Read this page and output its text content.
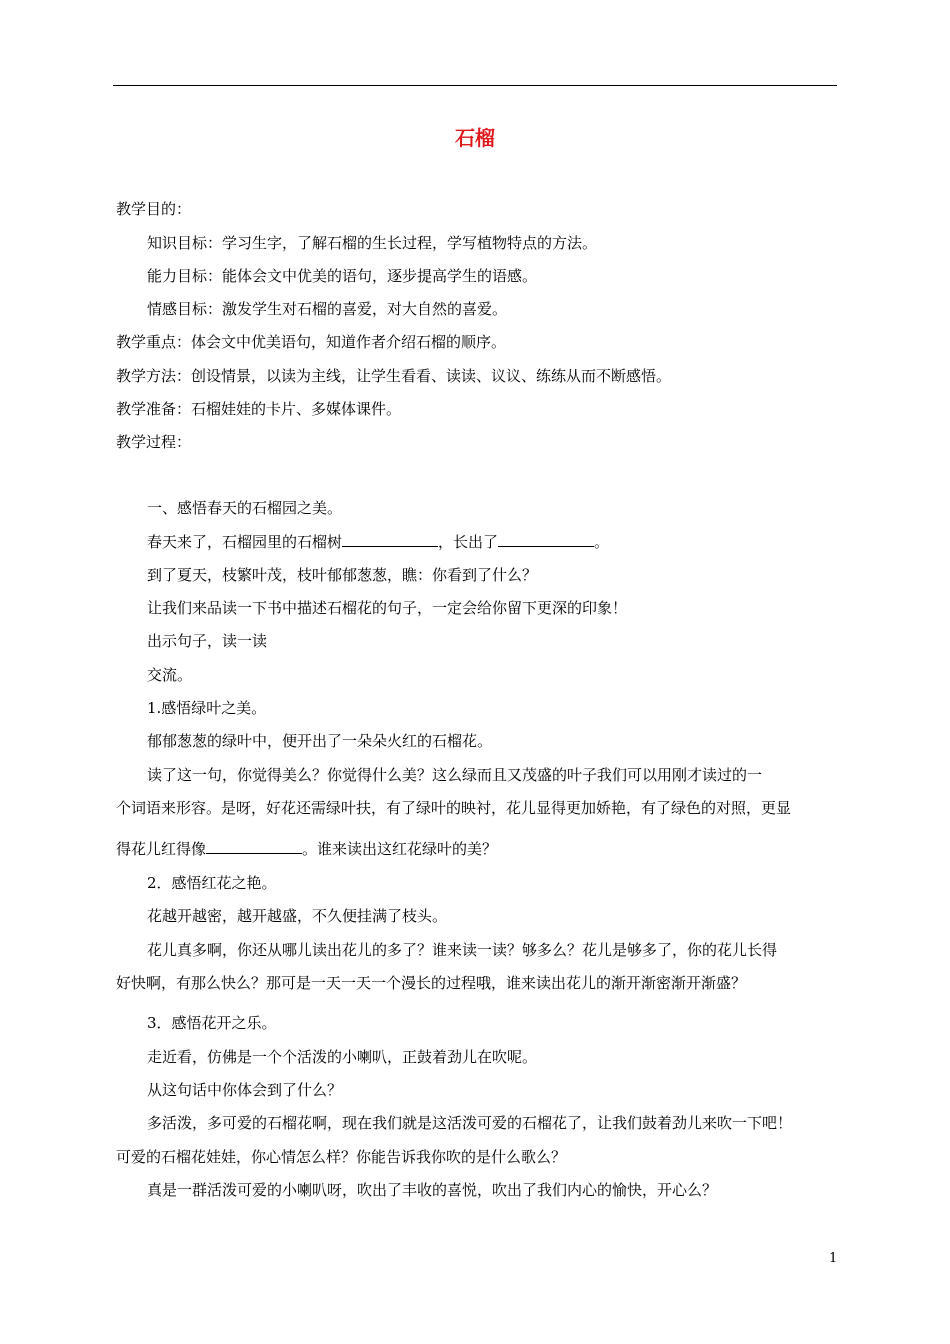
石榴
教学目的：
知识目标：学习生字，了解石榴的生长过程，学写植物特点的方法。
能力目标：能体会文中优美的语句，逐步提高学生的语感。
情感目标：激发学生对石榴的喜爱，对大自然的喜爱。
教学重点：体会文中优美语句，知道作者介绍石榴的顺序。
教学方法：创设情景，以读为主线，让学生看看、读读、议议、练练从而不断感悟。
教学准备：石榴娃娃的卡片、多媒体课件。
教学过程：
一、感悟春天的石榴园之美。
春天来了，石榴园里的石榴树	，长出了	。
到了夏天，枝繁叶茂，枝叶郁郁葱葱，瞧：你看到了什么？
让我们来品读一下书中描述石榴花的句子，一定会给你留下更深的印象！
出示句子，读一读
交流。
1.感悟绿叶之美。
郁郁葱葱的绿叶中，便开出了一朵朵火红的石榴花。
读了这一句，你觉得美么？你觉得什么美？这么绿而且又茂盛的叶子我们可以用刚才读过的一
个词语来形容。是呀，好花还需绿叶扶，有了绿叶的映衬，花儿显得更加娇艳，有了绿色的对照，更显
得花儿红得像	。谁来读出这红花绿叶的美？
2．感悟红花之艳。
花越开越密，越开越盛，不久便挂满了枝头。
花儿真多啊，你还从哪儿读出花儿的多了？谁来读一读？够多么？花儿是够多了，你的花儿长得
好快啊，有那么快么？那可是一天一天一个漫长的过程哦，谁来读出花儿的渐开渐密渐开渐盛？
3．感悟花开之乐。
走近看，仿佛是一个个活泼的小喇叭，正鼓着劲儿在吹呢。
从这句话中你体会到了什么？
多活泼，多可爱的石榴花啊，现在我们就是这活泼可爱的石榴花了，让我们鼓着劲儿来吹一下吧！
可爱的石榴花娃娃，你心情怎么样？你能告诉我你吹的是什么歌么？
真是一群活泼可爱的小喇叭呀，吹出了丰收的喜悦，吹出了我们内心的愉快，开心么？
1
